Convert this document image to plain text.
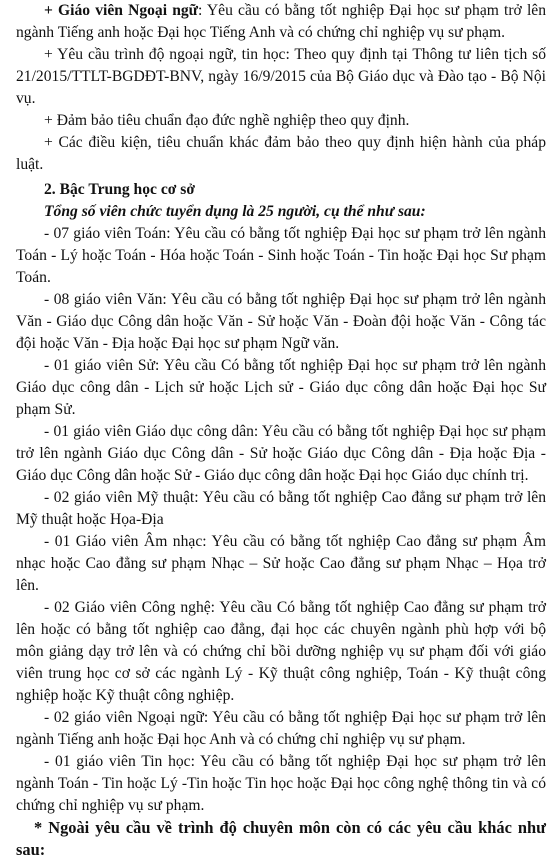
+ Giáo viên Ngoại ngữ: Yêu cầu có bằng tốt nghiệp Đại học sư phạm trở lên ngành Tiếng anh hoặc Đại học Tiếng Anh và có chứng chỉ nghiệp vụ sư phạm.

+ Yêu cầu trình độ ngoại ngữ, tin học: Theo quy định tại Thông tư liên tịch số 21/2015/TTLT-BGDĐT-BNV, ngày 16/9/2015 của Bộ Giáo dục và Đào tạo - Bộ Nội vụ.

+ Đảm bảo tiêu chuẩn đạo đức nghề nghiệp theo quy định.

+ Các điều kiện, tiêu chuẩn khác đảm bảo theo quy định hiện hành của pháp luật.

2. Bậc Trung học cơ sở

Tổng số viên chức tuyển dụng là 25 người, cụ thể như sau:

- 07 giáo viên Toán: Yêu cầu có bằng tốt nghiệp Đại học sư phạm trở lên ngành Toán - Lý hoặc Toán - Hóa hoặc Toán - Sinh hoặc Toán - Tin hoặc Đại học Sư phạm Toán.

- 08 giáo viên Văn: Yêu cầu có bằng tốt nghiệp Đại học sư phạm trở lên ngành Văn - Giáo dục Công dân hoặc Văn - Sử hoặc Văn - Đoàn đội hoặc Văn - Công tác đội hoặc Văn - Địa hoặc Đại học sư phạm Ngữ văn.

- 01 giáo viên Sử: Yêu cầu Có bằng tốt nghiệp Đại học sư phạm trở lên ngành Giáo dục công dân - Lịch sử hoặc Lịch sử - Giáo dục công dân hoặc Đại học Sư phạm Sử.

- 01 giáo viên Giáo dục công dân: Yêu cầu có bằng tốt nghiệp Đại học sư phạm trở lên ngành Giáo dục Công dân - Sử hoặc Giáo dục Công dân - Địa hoặc Địa - Giáo dục Công dân hoặc Sử - Giáo dục công dân hoặc Đại học Giáo dục chính trị.

- 02 giáo viên Mỹ thuật: Yêu cầu có bằng tốt nghiệp Cao đẳng sư phạm trở lên Mỹ thuật hoặc Họa-Địa

- 01 Giáo viên Âm nhạc: Yêu cầu có bằng tốt nghiệp Cao đẳng sư phạm Âm nhạc hoặc Cao đẳng sư phạm Nhạc – Sử hoặc Cao đẳng sư phạm Nhạc – Họa trở lên.

- 02 Giáo viên Công nghệ: Yêu cầu Có bằng tốt nghiệp Cao đẳng sư phạm trở lên hoặc có bằng tốt nghiệp cao đẳng, đại học các chuyên ngành phù hợp với bộ môn giảng dạy trở lên và có chứng chỉ bồi dưỡng nghiệp vụ sư phạm đối với giáo viên trung học cơ sở các ngành Lý - Kỹ thuật công nghiệp, Toán - Kỹ thuật công nghiệp hoặc Kỹ thuật công nghiệp.

- 02 giáo viên Ngoại ngữ: Yêu cầu có bằng tốt nghiệp Đại học sư phạm trở lên ngành Tiếng anh hoặc Đại học Anh và có chứng chỉ nghiệp vụ sư phạm.

- 01 giáo viên Tin học: Yêu cầu có bằng tốt nghiệp Đại học sư phạm trở lên ngành Toán - Tin hoặc Lý -Tin hoặc Tin học hoặc Đại học công nghệ thông tin và có chứng chỉ nghiệp vụ sư phạm.

* Ngoài yêu cầu về trình độ chuyên môn còn có các yêu cầu khác như sau:
